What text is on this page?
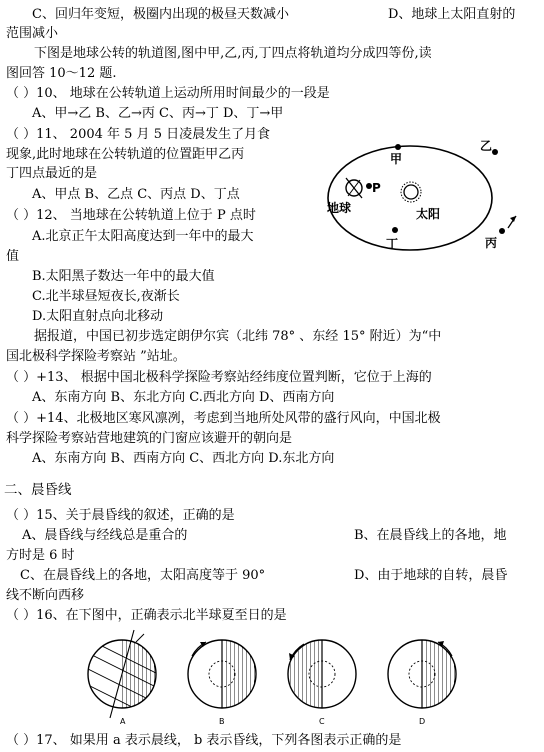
C、回归年变短，极圈内出现的极昼天数减小	D、地球上太阳直射的
范围减小
下图是地球公转的轨道图,图中甲,乙,丙,丁四点将轨道均分成四等份,读
图回答 10～12 题.
（ ）10、 地球在公转轨道上运动所用时间最少的一段是
A、甲→乙 B、乙→丙 C、丙→丁 D、丁→甲
（ ）11、 2004 年 5 月 5 日凌晨发生了月食
现象,此时地球在公转轨道的位置距甲乙丙
丁四点最近的是
A、甲点 B、乙点 C、丙点 D、丁点
（ ）12、 当地球在公转轨道上位于 P 点时
A.北京正午太阳高度达到一年中的最大
值
B.太阳黑子数达一年中的最大值
C.北半球昼短夜长,夜渐长
D.太阳直射点向北移动
据报道，中国已初步选定朗伊尔宾（北纬 78° 、东经 15° 附近）为“中
国北极科学探险考察站 ”站址。
（ ）+13、 根据中国北极科学探险考察站经纬度位置判断，它位于上海的
A、东南方向 B、东北方向 C.西北方向 D、西南方向
（ ）+14、北极地区寒风凛冽，考虑到当地所处风带的盛行风向，中国北极
科学探险考察站营地建筑的门窗应该避开的朝向是
A、东南方向 B、西南方向 C、西北方向 D.东北方向
二、晨昏线
（ ）15、关于晨昏线的叙述，正确的是
A、晨昏线与经线总是重合的	B、在晨昏线上的各地，地
方时是 6 时
C、在晨昏线上的各地，太阳高度等于 90°	D、由于地球的自转，晨昏
线不断向西移
（ ）16、在下图中，正确表示北半球夏至日的是
（ ）17、 如果用 a 表示晨线， b 表示昏线，下列各图表示正确的是
甲
乙
丙
丁
P
地球	太阳
A	B	C	D
